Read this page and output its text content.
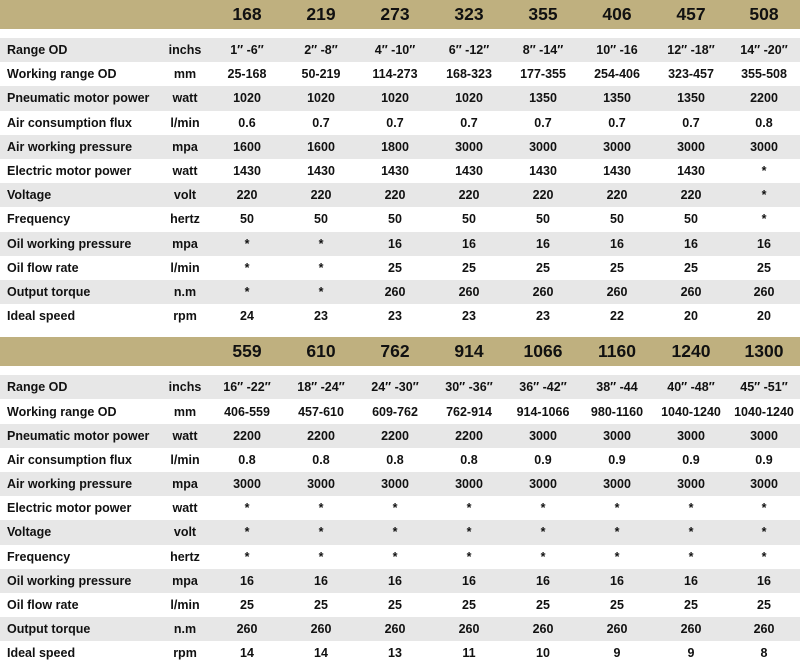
		168	219	273	323	355	406	457	508

Range OD	inchs	1″ -6″	2″ -8″	4″ -10″	6″ -12″	8″ -14″	10″ -16	12″ -18″	14″ -20″
Working range OD	mm	25-168	50-219	114-273	168-323	177-355	254-406	323-457	355-508
Pneumatic motor power	watt	1020	1020	1020	1020	1350	1350	1350	2200
Air consumption flux	l/min	0.6	0.7	0.7	0.7	0.7	0.7	0.7	0.8
Air working pressure	mpa	1600	1600	1800	3000	3000	3000	3000	3000
Electric motor power	watt	1430	1430	1430	1430	1430	1430	1430	*
Voltage	volt	220	220	220	220	220	220	220	*
Frequency	hertz	50	50	50	50	50	50	50	*
Oil working pressure	mpa	*	*	16	16	16	16	16	16
Oil flow rate	l/min	*	*	25	25	25	25	25	25
Output torque	n.m	*	*	260	260	260	260	260	260
Ideal speed	rpm	24	23	23	23	23	22	20	20

		559	610	762	914	1066	1160	1240	1300

Range OD	inchs	16″ -22″	18″ -24″	24″ -30″	30″ -36″	36″ -42″	38″ -44	40″ -48″	45″ -51″
Working range OD	mm	406-559	457-610	609-762	762-914	914-1066	980-1160	1040-1240	1040-1240
Pneumatic motor power	watt	2200	2200	2200	2200	3000	3000	3000	3000
Air consumption flux	l/min	0.8	0.8	0.8	0.8	0.9	0.9	0.9	0.9
Air working pressure	mpa	3000	3000	3000	3000	3000	3000	3000	3000
Electric motor power	watt	*	*	*	*	*	*	*	*
Voltage	volt	*	*	*	*	*	*	*	*
Frequency	hertz	*	*	*	*	*	*	*	*
Oil working pressure	mpa	16	16	16	16	16	16	16	16
Oil flow rate	l/min	25	25	25	25	25	25	25	25
Output torque	n.m	260	260	260	260	260	260	260	260
Ideal speed	rpm	14	14	13	11	10	9	9	8
